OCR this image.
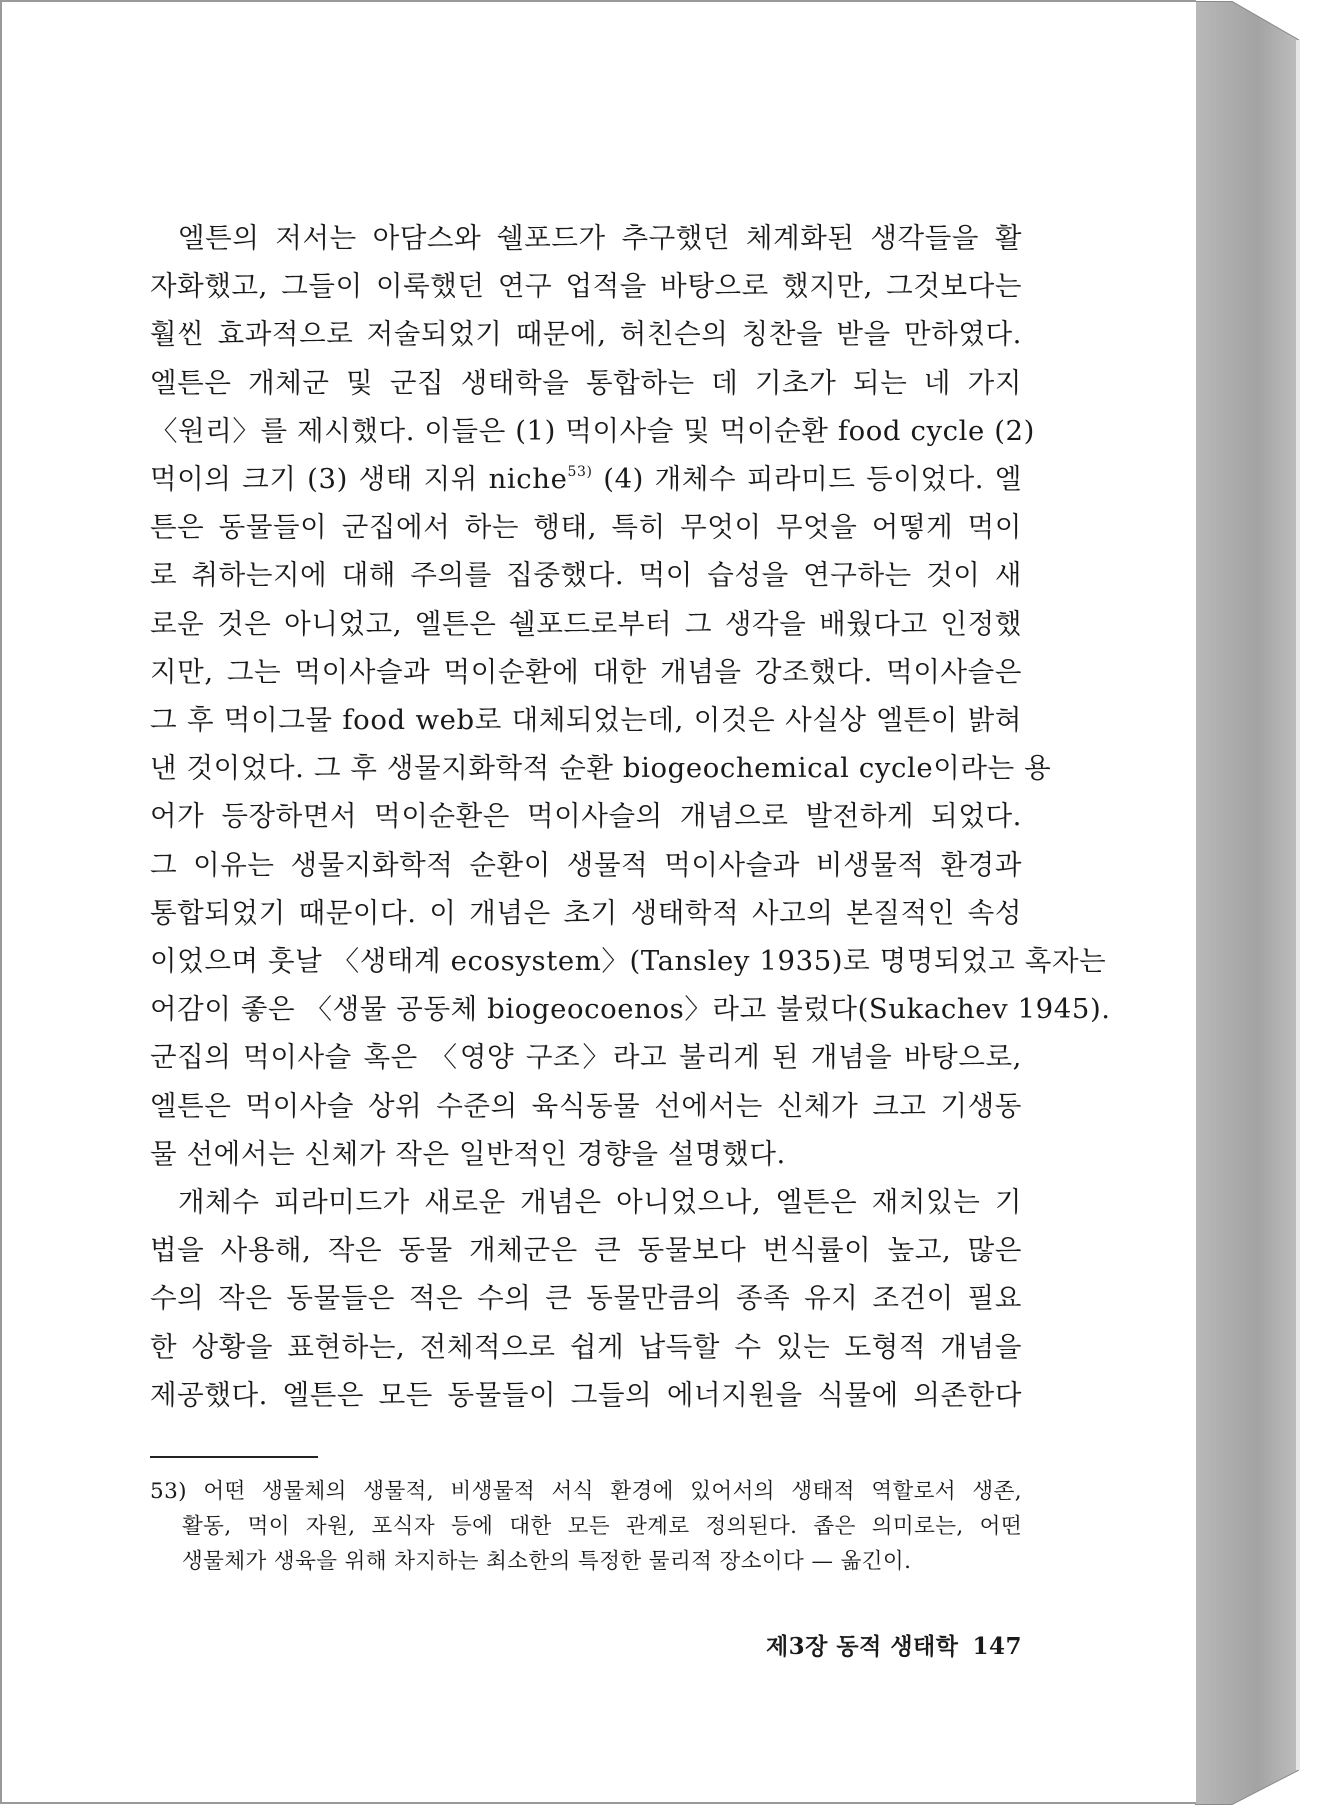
엘튼의 저서는 아담스와 쉘포드가 추구했던 체계화된 생각들을 활
자화했고, 그들이 이룩했던 연구 업적을 바탕으로 했지만, 그것보다는
훨씬 효과적으로 저술되었기 때문에, 허친슨의 칭찬을 받을 만하였다.
엘튼은 개체군 및 군집 생태학을 통합하는 데 기초가 되는 네 가지
〈원리〉를 제시했다. 이들은 (1) 먹이사슬 및 먹이순환 food cycle (2)
먹이의 크기 (3) 생태 지위 niche$^{53)}$ (4) 개체수 피라미드 등이었다. 엘
튼은 동물들이 군집에서 하는 행태, 특히 무엇이 무엇을 어떻게 먹이
로 취하는지에 대해 주의를 집중했다. 먹이 습성을 연구하는 것이 새
로운 것은 아니었고, 엘튼은 쉘포드로부터 그 생각을 배웠다고 인정했
지만, 그는 먹이사슬과 먹이순환에 대한 개념을 강조했다. 먹이사슬은
그 후 먹이그물 food web로 대체되었는데, 이것은 사실상 엘튼이 밝혀
낸 것이었다. 그 후 생물지화학적 순환 biogeochemical cycle이라는 용
어가 등장하면서 먹이순환은 먹이사슬의 개념으로 발전하게 되었다.
그 이유는 생물지화학적 순환이 생물적 먹이사슬과 비생물적 환경과
통합되었기 때문이다. 이 개념은 초기 생태학적 사고의 본질적인 속성
이었으며 훗날 〈생태계 ecosystem〉(Tansley 1935)로 명명되었고 혹자는
어감이 좋은 〈생물 공동체 biogeocoenos〉라고 불렀다(Sukachev 1945).
군집의 먹이사슬 혹은 〈영양 구조〉라고 불리게 된 개념을 바탕으로,
엘튼은 먹이사슬 상위 수준의 육식동물 선에서는 신체가 크고 기생동
물 선에서는 신체가 작은 일반적인 경향을 설명했다.

개체수 피라미드가 새로운 개념은 아니었으나, 엘튼은 재치있는 기
법을 사용해, 작은 동물 개체군은 큰 동물보다 번식률이 높고, 많은
수의 작은 동물들은 적은 수의 큰 동물만큼의 종족 유지 조건이 필요
한 상황을 표현하는, 전체적으로 쉽게 납득할 수 있는 도형적 개념을
제공했다. 엘튼은 모든 동물들이 그들의 에너지원을 식물에 의존한다

53) 어떤 생물체의 생물적, 비생물적 서식 환경에 있어서의 생태적 역할로서 생존,
활동, 먹이 자원, 포식자 등에 대한 모든 관계로 정의된다. 좁은 의미로는, 어떤
생물체가 생육을 위해 차지하는 최소한의 특정한 물리적 장소이다 — 옮긴이.
제3장 동적 생태학 147
